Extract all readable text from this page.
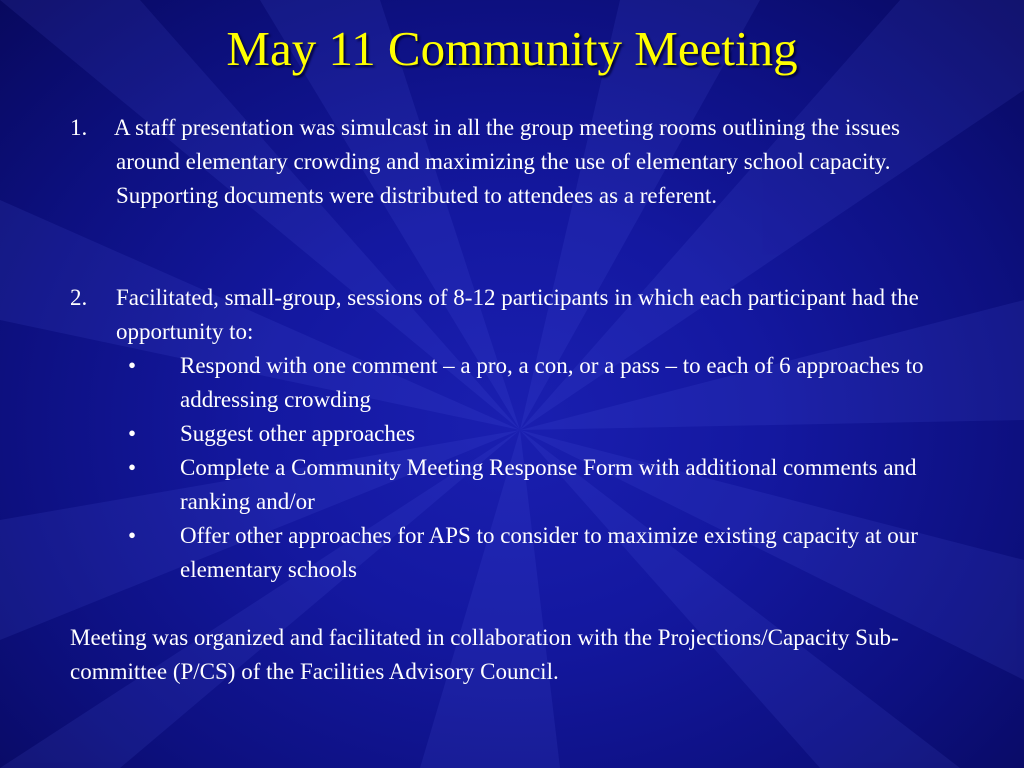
May 11 Community Meeting
1. A staff presentation was simulcast in all the group meeting rooms outlining the issues around elementary crowding and maximizing the use of elementary school capacity. Supporting documents were distributed to attendees as a referent.
2. Facilitated, small-group, sessions of 8-12 participants in which each participant had the opportunity to:
• Respond with one comment – a pro, a con, or a pass – to each of 6 approaches to addressing crowding
• Suggest other approaches
• Complete a Community Meeting Response Form with additional comments and ranking and/or
• Offer other approaches for APS to consider to maximize existing capacity at our elementary schools
Meeting was organized and facilitated in collaboration with the Projections/Capacity Sub-committee (P/CS) of the Facilities Advisory Council.
